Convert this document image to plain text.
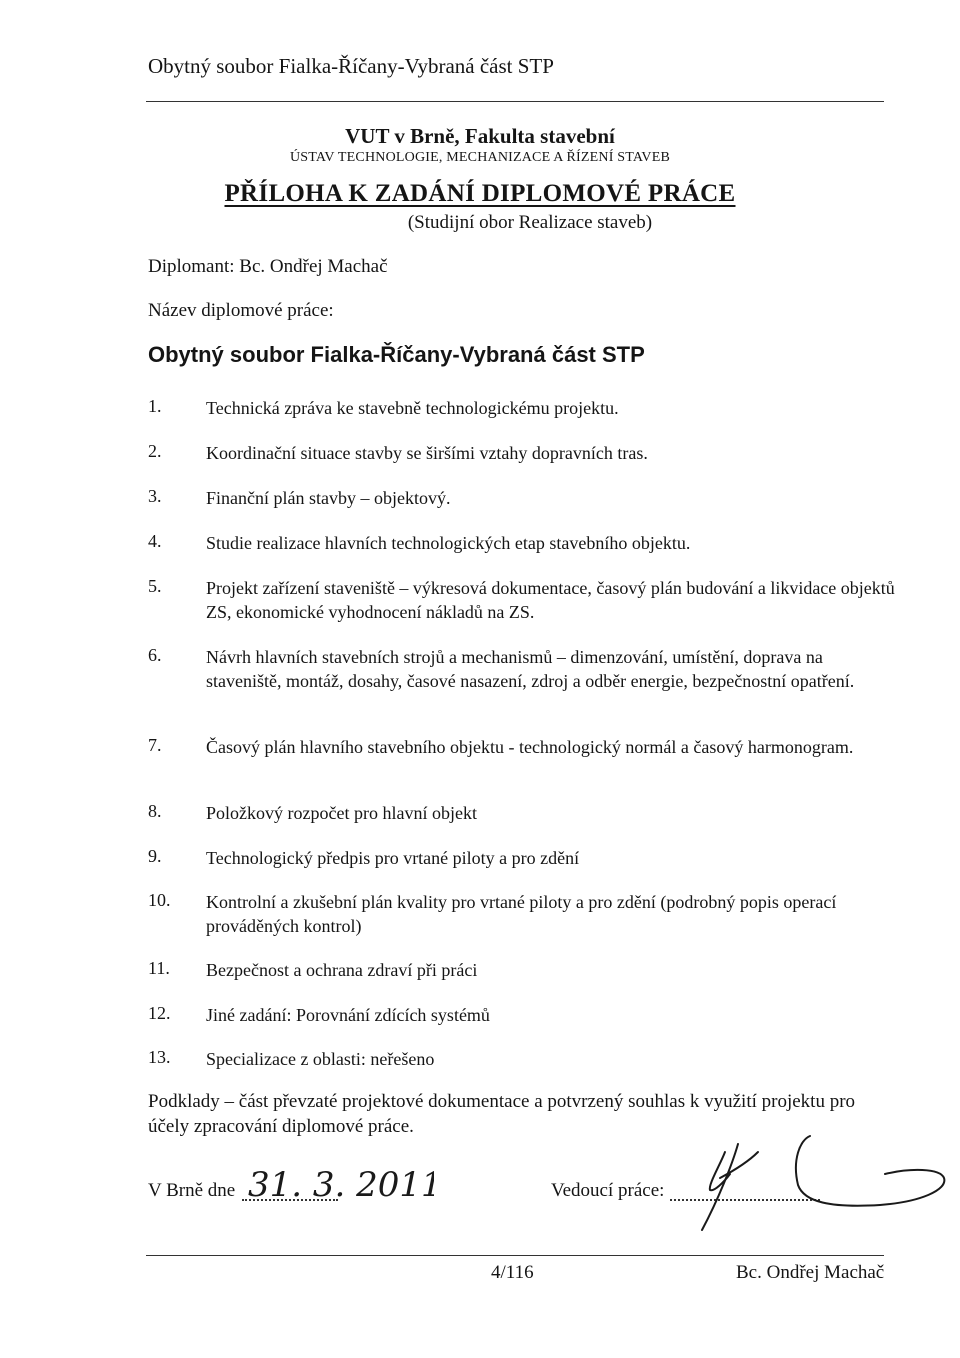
Obytný soubor Fialka-Říčany-Vybraná část STP
VUT v Brně, Fakulta stavební
ÚSTAV TECHNOLOGIE, MECHANIZACE A ŘÍZENÍ STAVEB
PŘÍLOHA K ZADÁNÍ DIPLOMOVÉ PRÁCE
(Studijní obor Realizace staveb)
Diplomant: Bc. Ondřej Machač
Název diplomové práce:
Obytný soubor Fialka-Říčany-Vybraná část STP
1. Technická zpráva ke stavebně technologickému projektu.
2. Koordinační situace stavby se širšími vztahy dopravních tras.
3. Finanční plán stavby – objektový.
4. Studie realizace hlavních technologických etap stavebního objektu.
5. Projekt zařízení staveniště – výkresová dokumentace, časový plán budování a likvidace objektů ZS, ekonomické vyhodnocení nákladů na ZS.
6. Návrh hlavních stavebních strojů a mechanismů – dimenzování, umístění, doprava na staveniště, montáž, dosahy, časové nasazení, zdroj a odběr energie, bezpečnostní opatření.
7. Časový plán hlavního stavebního objektu - technologický normál a časový harmonogram.
8. Položkový rozpočet pro hlavní objekt
9. Technologický předpis pro vrtané piloty a pro zdění
10. Kontrolní a zkušební plán kvality pro vrtané piloty a pro zdění (podrobný popis operací prováděných kontrol)
11. Bezpečnost a ochrana zdraví při práci
12. Jiné zadání: Porovnání zdících systémů
13. Specializace z oblasti: neřešeno
Podklady – část převzaté projektové dokumentace a potvrzený souhlas k využití projektu pro účely zpracování diplomové práce.
V Brně dne 31. 3. 2011	Vedoucí práce:
4/116	Bc. Ondřej Machač
